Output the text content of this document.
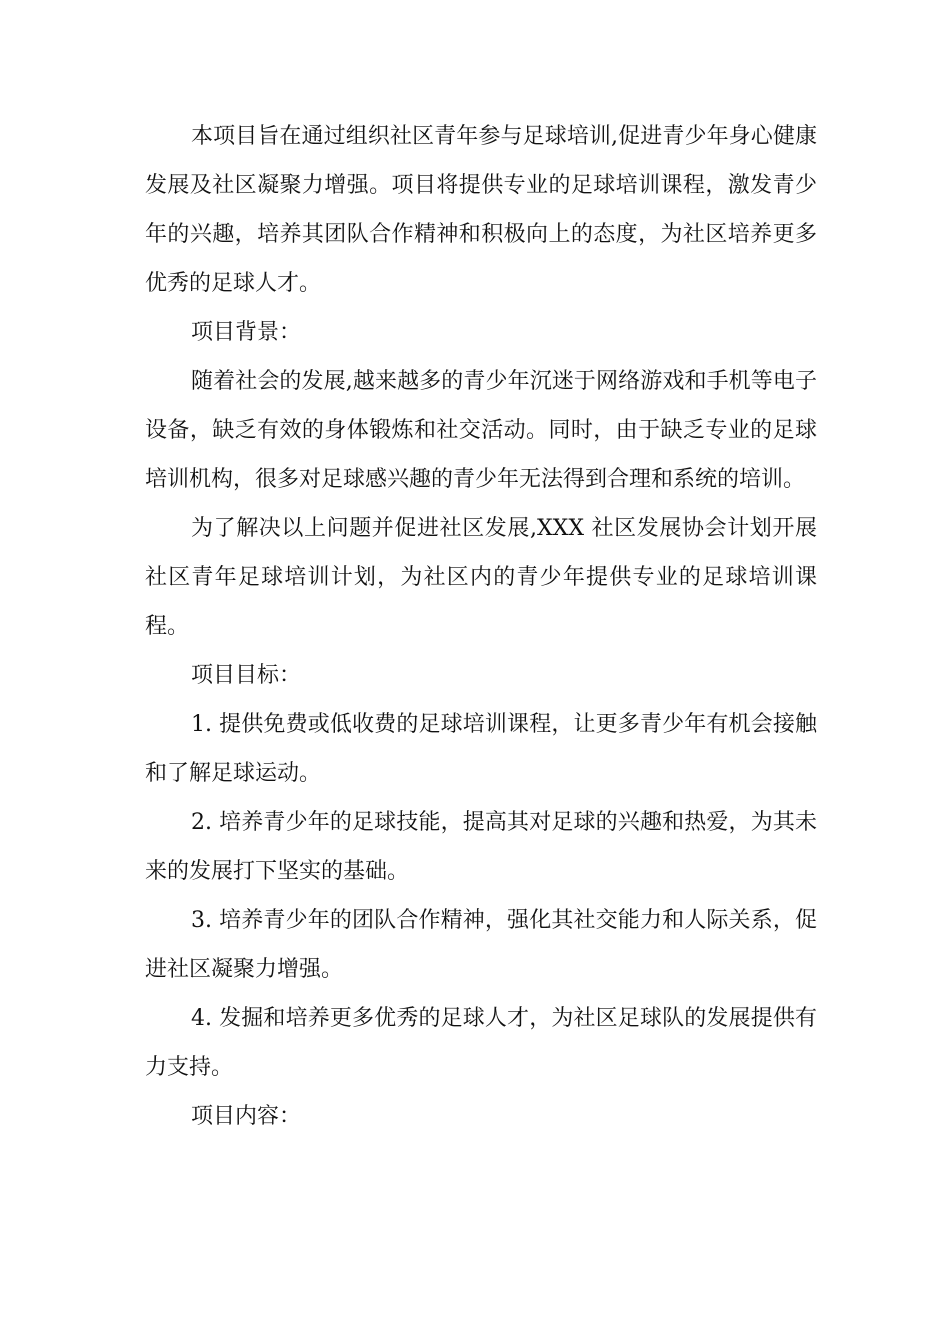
本项目旨在通过组织社区青年参与足球培训,促进青少年身心健康发展及社区凝聚力增强。项目将提供专业的足球培训课程，激发青少年的兴趣，培养其团队合作精神和积极向上的态度，为社区培养更多优秀的足球人才。

项目背景：

随着社会的发展,越来越多的青少年沉迷于网络游戏和手机等电子设备，缺乏有效的身体锻炼和社交活动。同时，由于缺乏专业的足球培训机构，很多对足球感兴趣的青少年无法得到合理和系统的培训。

为了解决以上问题并促进社区发展,XXX 社区发展协会计划开展社区青年足球培训计划，为社区内的青少年提供专业的足球培训课程。

项目目标：

1. 提供免费或低收费的足球培训课程，让更多青少年有机会接触和了解足球运动。

2. 培养青少年的足球技能，提高其对足球的兴趣和热爱，为其未来的发展打下坚实的基础。

3. 培养青少年的团队合作精神，强化其社交能力和人际关系，促进社区凝聚力增强。

4. 发掘和培养更多优秀的足球人才，为社区足球队的发展提供有力支持。

项目内容：
